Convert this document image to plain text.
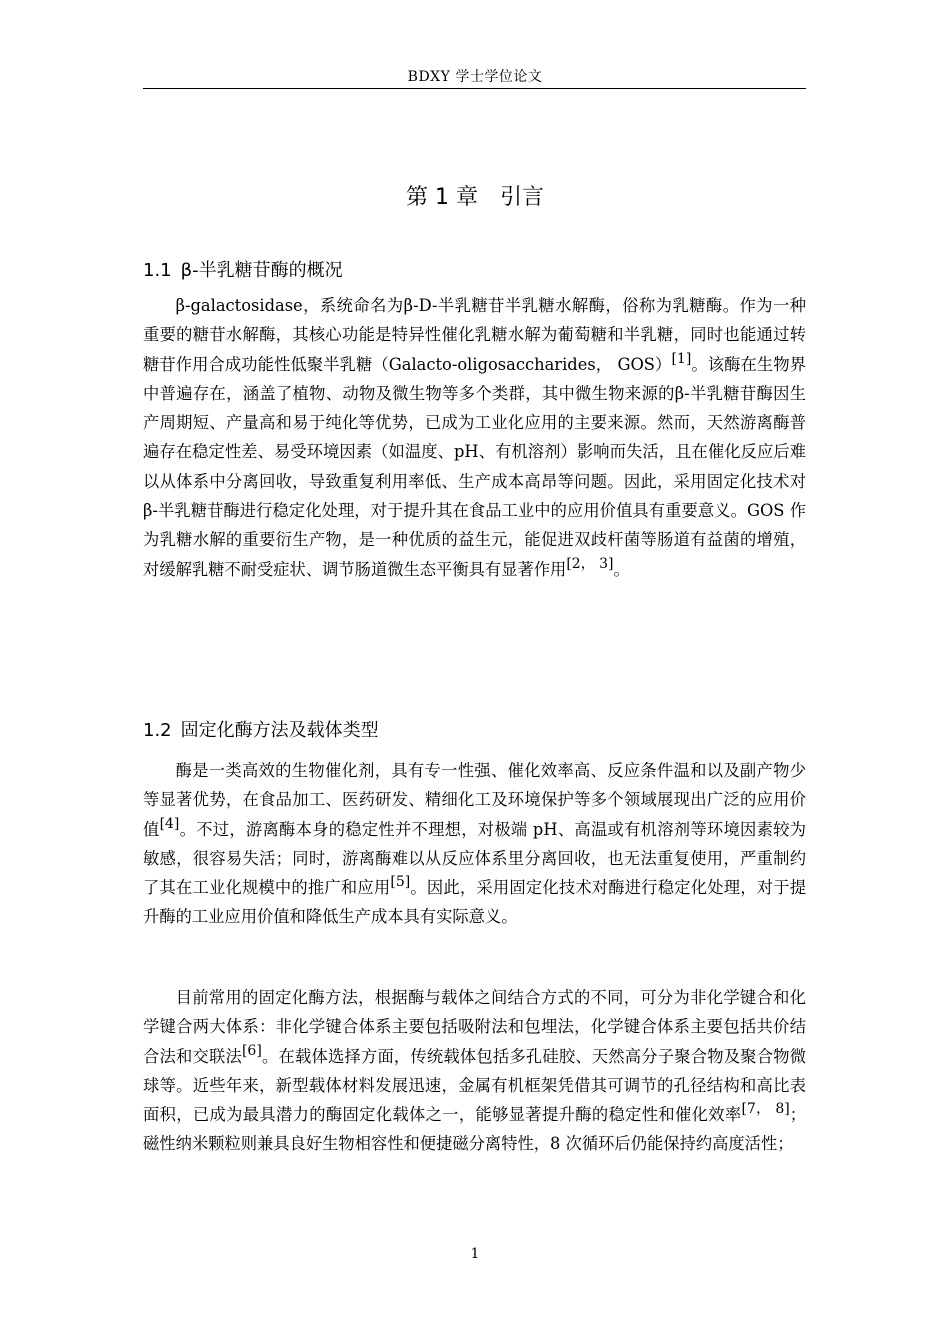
BDXY 学士学位论文
第 1 章 引言
1.1 β-半乳糖苷酶的概况

β-galactosidase，系统命名为β-D-半乳糖苷半乳糖水解酶，俗称为乳糖酶。作为一种重要的糖苷水解酶，其核心功能是特异性催化乳糖水解为葡萄糖和半乳糖，同时也能通过转糖苷作用合成功能性低聚半乳糖（Galacto-oligosaccharides， GOS）[1]。该酶在生物界中普遍存在，涵盖了植物、动物及微生物等多个类群，其中微生物来源的β-半乳糖苷酶因生产周期短、产量高和易于纯化等优势，已成为工业化应用的主要来源。然而，天然游离酶普遍存在稳定性差、易受环境因素（如温度、pH、有机溶剂）影响而失活，且在催化反应后难以从体系中分离回收，导致重复利用率低、生产成本高昂等问题。因此，采用固定化技术对β-半乳糖苷酶进行稳定化处理，对于提升其在食品工业中的应用价值具有重要意义。GOS 作为乳糖水解的重要衍生产物，是一种优质的益生元，能促进双歧杆菌等肠道有益菌的增殖，对缓解乳糖不耐受症状、调节肠道微生态平衡具有显著作用[2， 3]。

1.2 固定化酶方法及载体类型

酶是一类高效的生物催化剂，具有专一性强、催化效率高、反应条件温和以及副产物少等显著优势，在食品加工、医药研发、精细化工及环境保护等多个领域展现出广泛的应用价值[4]。不过，游离酶本身的稳定性并不理想，对极端 pH、高温或有机溶剂等环境因素较为敏感，很容易失活；同时，游离酶难以从反应体系里分离回收，也无法重复使用，严重制约了其在工业化规模中的推广和应用[5]。因此，采用固定化技术对酶进行稳定化处理，对于提升酶的工业应用价值和降低生产成本具有实际意义。

目前常用的固定化酶方法，根据酶与载体之间结合方式的不同，可分为非化学键合和化学键合两大体系：非化学键合体系主要包括吸附法和包埋法，化学键合体系主要包括共价结合法和交联法[6]。在载体选择方面，传统载体包括多孔硅胶、天然高分子聚合物及聚合物微球等。近些年来，新型载体材料发展迅速，金属有机框架凭借其可调节的孔径结构和高比表面积，已成为最具潜力的酶固定化载体之一，能够显著提升酶的稳定性和催化效率[7， 8]；磁性纳米颗粒则兼具良好生物相容性和便捷磁分离特性，8 次循环后仍能保持约高度活性；

1
